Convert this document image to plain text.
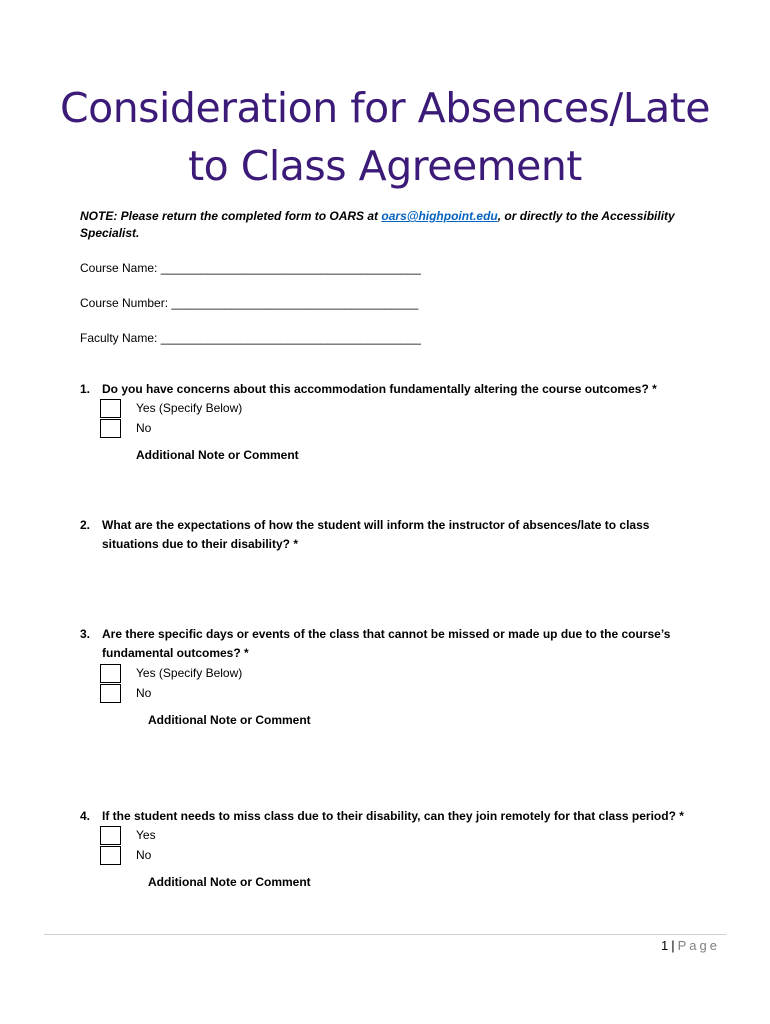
Consideration for Absences/Late
to Class Agreement
NOTE: Please return the completed form to OARS at oars@highpoint.edu, or directly to the Accessibility Specialist.
Course Name: _______________________________________
Course Number: _____________________________________
Faculty Name: _______________________________________
1. Do you have concerns about this accommodation fundamentally altering the course outcomes? *
Yes (Specify Below)
No
Additional Note or Comment
2. What are the expectations of how the student will inform the instructor of absences/late to class situations due to their disability? *
3. Are there specific days or events of the class that cannot be missed or made up due to the course’s fundamental outcomes? *
Yes (Specify Below)
No
Additional Note or Comment
4. If the student needs to miss class due to their disability, can they join remotely for that class period? *
Yes
No
Additional Note or Comment
1 | Page
